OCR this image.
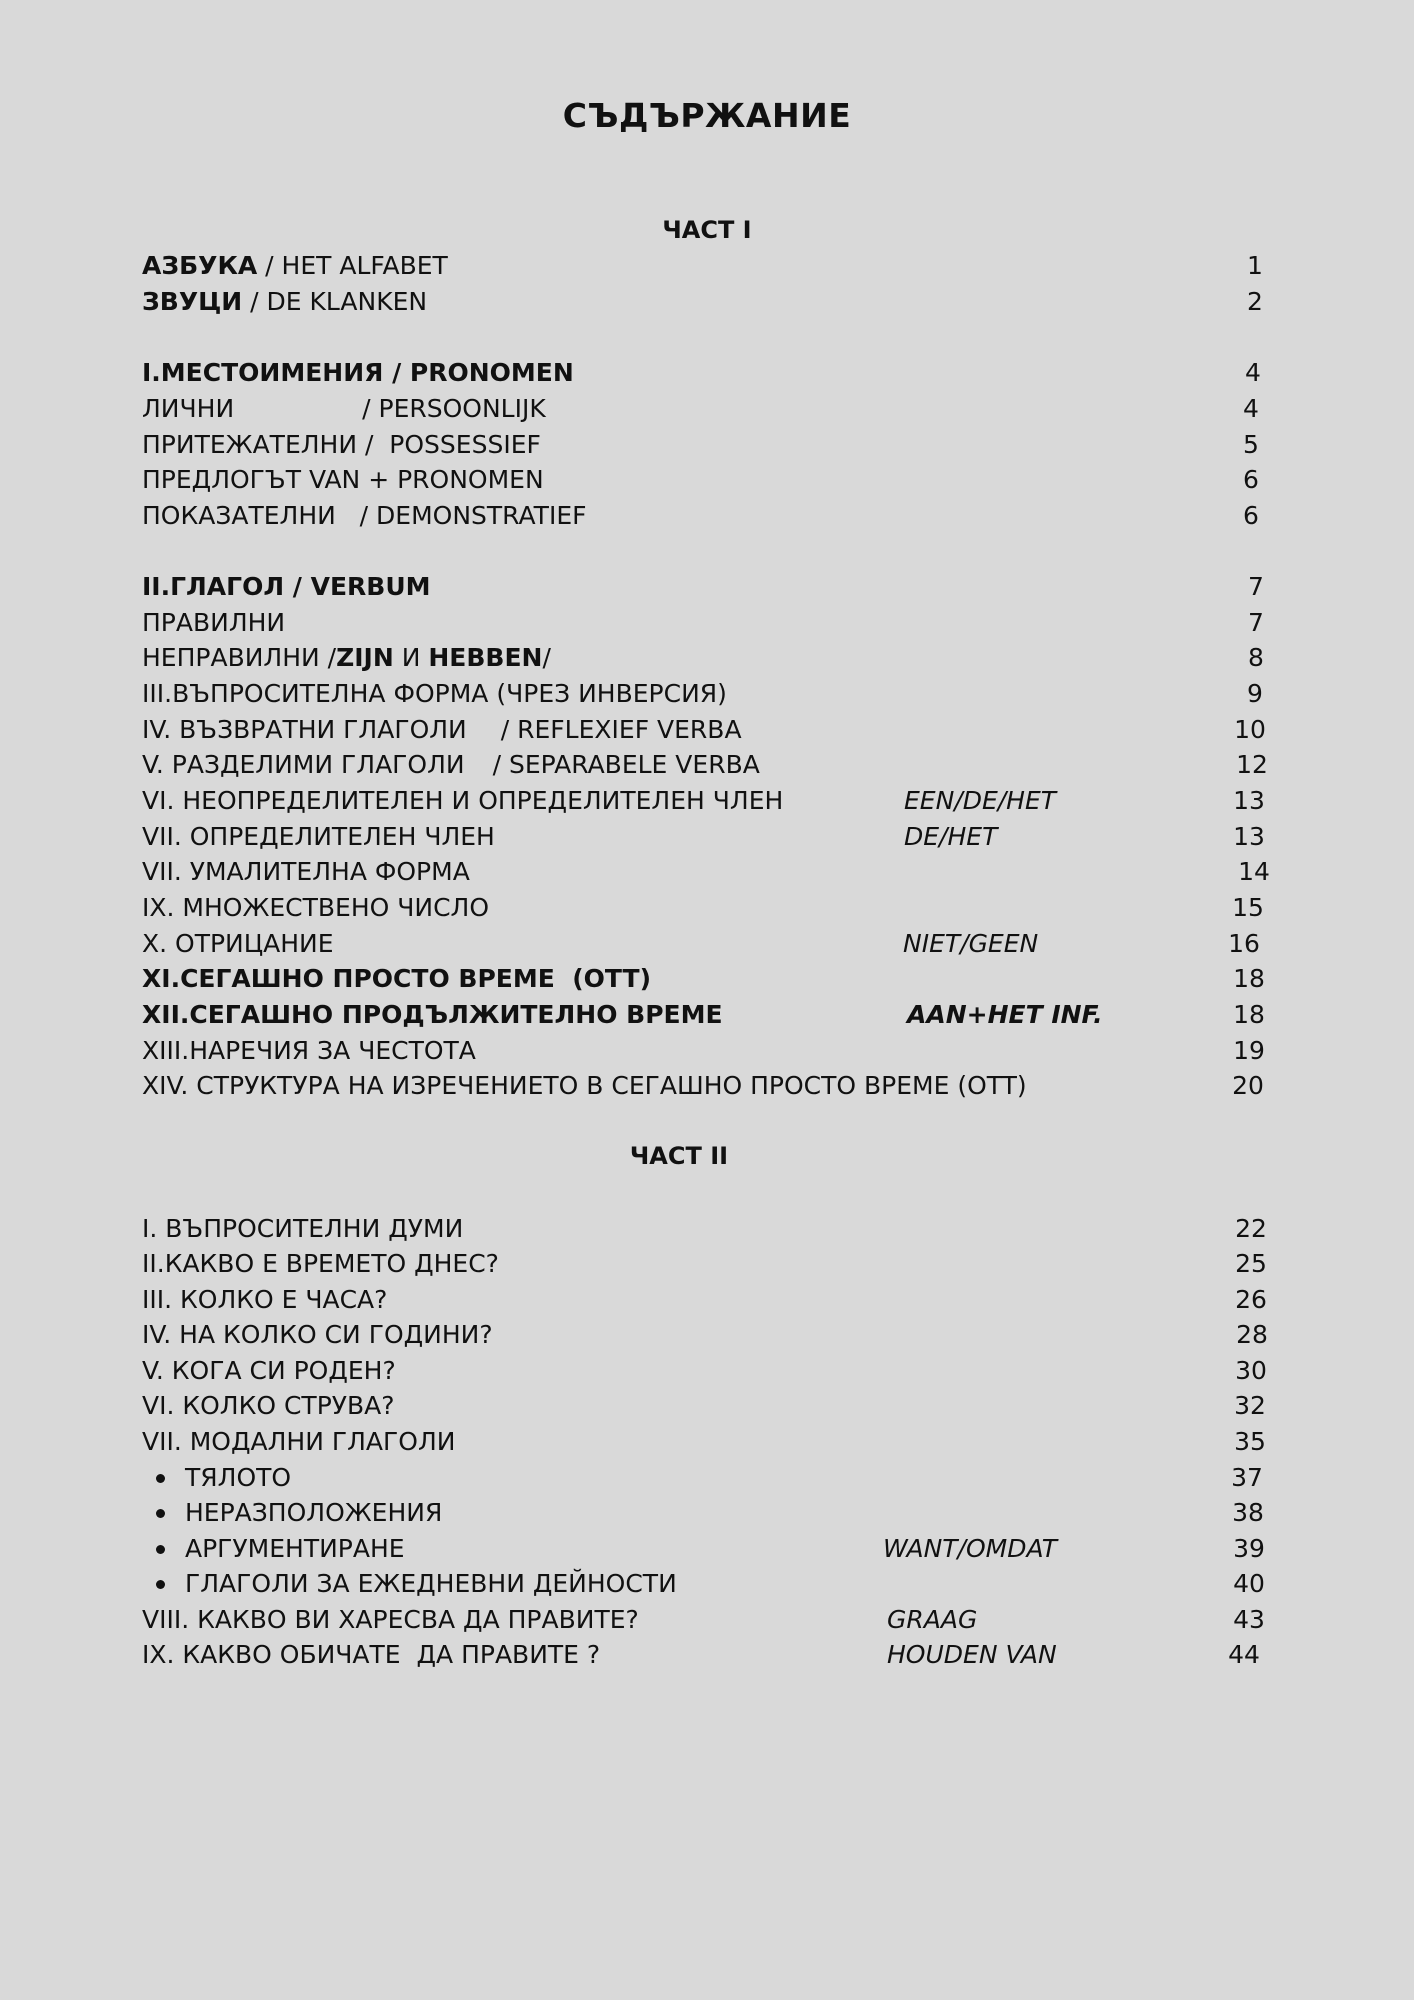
СЪДЪРЖАНИЕ
ЧАСТ I
АЗБУКА / HET ALFABET	1
ЗВУЦИ / DE KLANKEN	2
I.МЕСТОИМЕНИЯ / PRONOMEN	4
ЛИЧНИ	/ PERSOONLIJK	4
ПРИТЕЖАТЕЛНИ /  POSSESSIEF	5
ПРЕДЛОГЪТ VAN + PRONOMEN	6
ПОКАЗАТЕЛНИ   / DEMONSTRATIEF	6
II.ГЛАГОЛ / VERBUM	7
ПРАВИЛНИ	7
НЕПРАВИЛНИ /ZIJN И HEBBEN/	8
III.ВЪПРОСИТЕЛНА ФОРМА (ЧРЕЗ ИНВЕРСИЯ)	9
IV. ВЪЗВРАТНИ ГЛАГОЛИ / REFLEXIEF VERBA	10
V. РАЗДЕЛИМИ ГЛАГОЛИ / SEPARABELE VERBA	12
VI. НЕОПРЕДЕЛИТЕЛЕН И ОПРЕДЕЛИТЕЛЕН ЧЛЕН	EEN/DE/HET	13
VII. ОПРЕДЕЛИТЕЛЕН ЧЛЕН	DE/HET	13
VII. УМАЛИТЕЛНА ФОРМА	14
IX. МНОЖЕСТВЕНО ЧИСЛО	15
X. ОТРИЦАНИЕ	NIET/GEEN	16
XI.СЕГАШНО ПРОСТО ВРЕМЕ  (OTT)	18
XII.СЕГАШНО ПРОДЪЛЖИТЕЛНО ВРЕМЕ	AAN+HET INF.	18
XIII.НАРЕЧИЯ ЗА ЧЕСТОТА	19
XIV. СТРУКТУРА НА ИЗРЕЧЕНИЕТО В СЕГАШНО ПРОСТО ВРЕМЕ (OTT)	20
ЧАСТ II
I. ВЪПРОСИТЕЛНИ ДУМИ	22
II.КАКВО Е ВРЕМЕТО ДНЕС?	25
III. КОЛКО Е ЧАСА?	26
IV. НА КОЛКО СИ ГОДИНИ?	28
V. КОГА СИ РОДЕН?	30
VI. КОЛКО СТРУВА?	32
VII. МОДАЛНИ ГЛАГОЛИ	35
ТЯЛОТО	37
НЕРАЗПОЛОЖЕНИЯ	38
АРГУМЕНТИРАНЕ	WANT/OMDAT	39
ГЛАГОЛИ ЗА ЕЖЕДНЕВНИ ДЕЙНОСТИ	40
VIII. КАКВО ВИ ХАРЕСВА ДА ПРАВИТЕ?	GRAAG	43
IX. КАКВО ОБИЧАТЕ  ДА ПРАВИТЕ ?	HOUDEN VAN	44
